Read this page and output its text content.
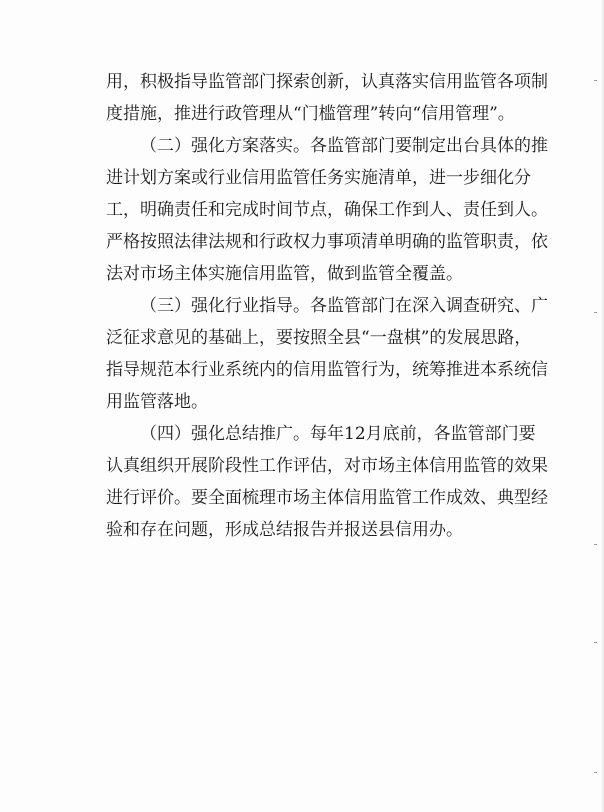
用，积极指导监管部门探索创新，认真落实信用监管各项制
度措施，推进行政管理从“门槛管理”转向“信用管理”。
（二）强化方案落实。各监管部门要制定出台具体的推
进计划方案或行业信用监管任务实施清单，进一步细化分
工，明确责任和完成时间节点，确保工作到人、责任到人。
严格按照法律法规和行政权力事项清单明确的监管职责，依
法对市场主体实施信用监管，做到监管全覆盖。
（三）强化行业指导。各监管部门在深入调查研究、广
泛征求意见的基础上，要按照全县“一盘棋”的发展思路，
指导规范本行业系统内的信用监管行为，统筹推进本系统信
用监管落地。
（四）强化总结推广。每年12月底前，各监管部门要
认真组织开展阶段性工作评估，对市场主体信用监管的效果
进行评价。要全面梳理市场主体信用监管工作成效、典型经
验和存在问题，形成总结报告并报送县信用办。
